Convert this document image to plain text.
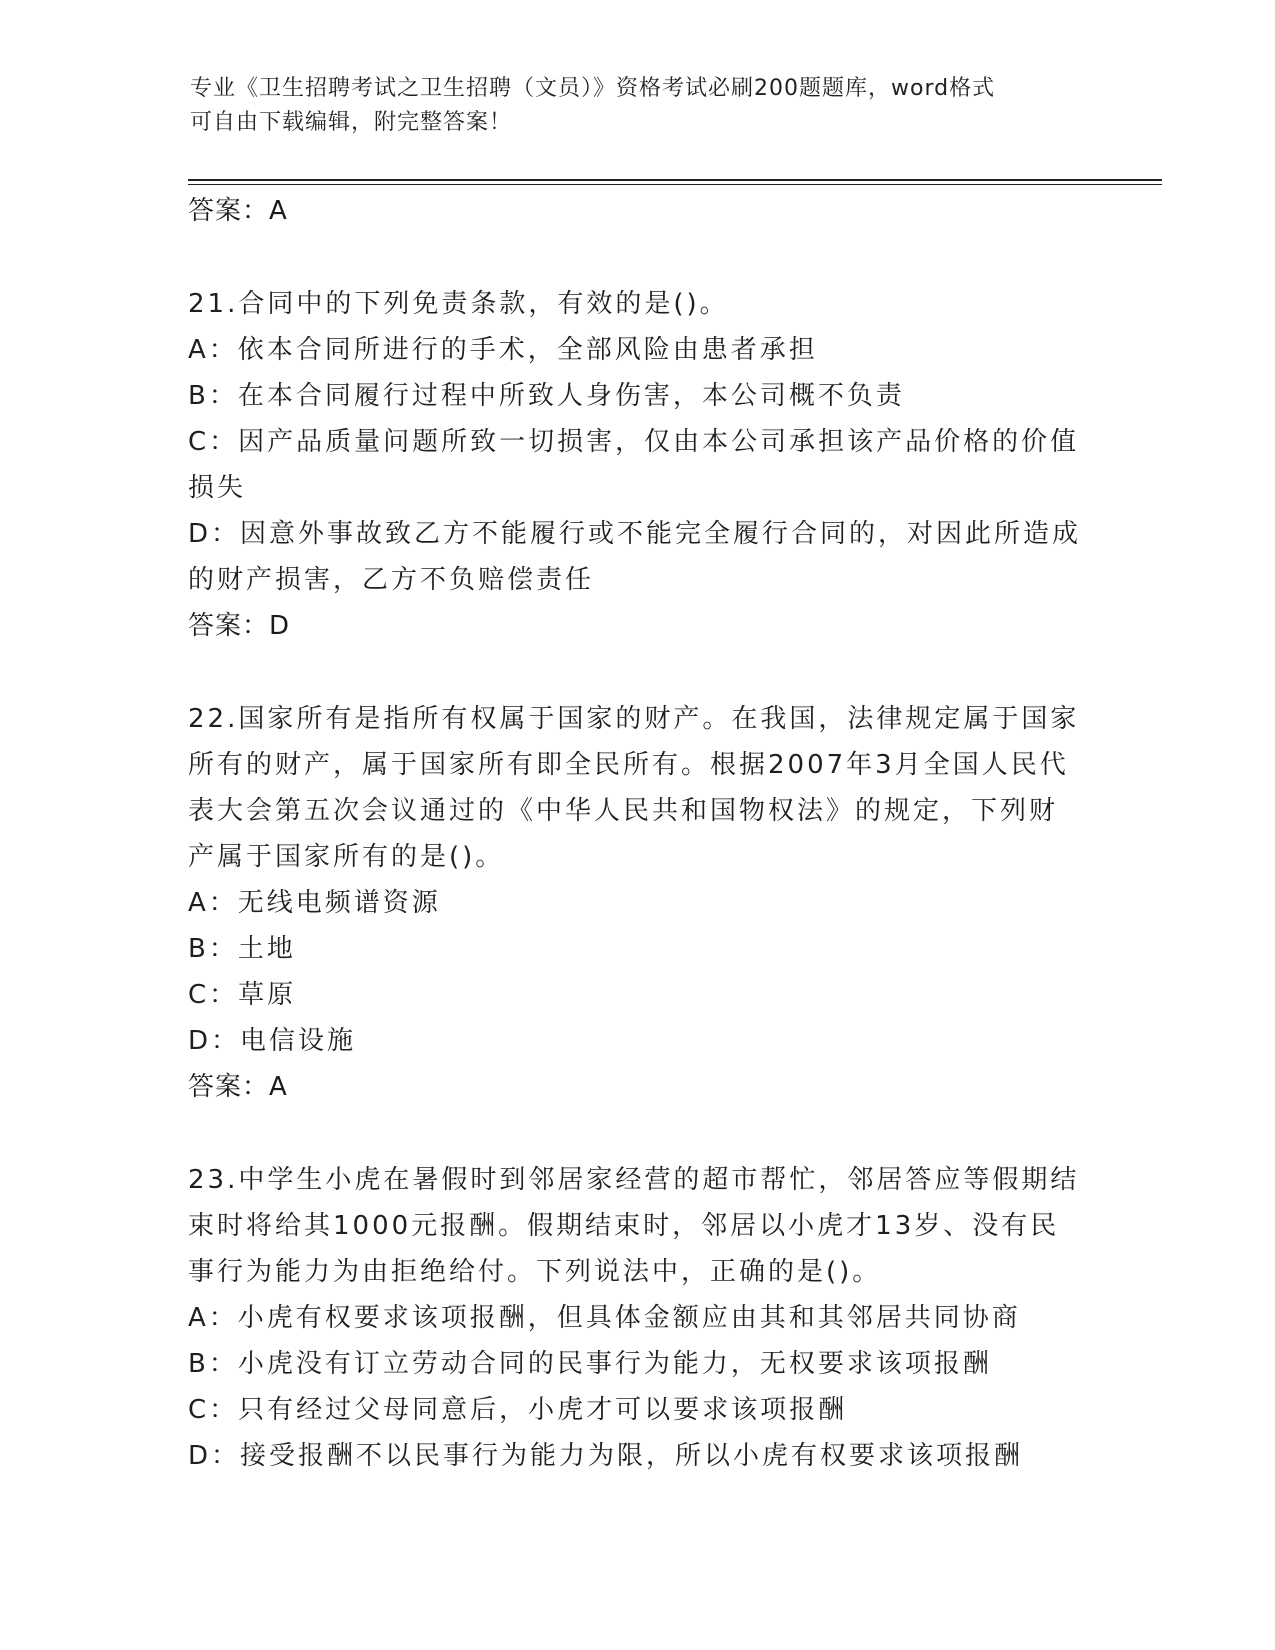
专业《卫生招聘考试之卫生招聘（文员）》资格考试必刷200题题库，word格式
可自由下载编辑，附完整答案！
答案：A
21.合同中的下列免责条款，有效的是()。
A：依本合同所进行的手术，全部风险由患者承担
B：在本合同履行过程中所致人身伤害，本公司概不负责
C：因产品质量问题所致一切损害，仅由本公司承担该产品价格的价值
损失
D：因意外事故致乙方不能履行或不能完全履行合同的，对因此所造成
的财产损害，乙方不负赔偿责任
答案：D
22.国家所有是指所有权属于国家的财产。在我国，法律规定属于国家
所有的财产，属于国家所有即全民所有。根据2007年3月全国人民代
表大会第五次会议通过的《中华人民共和国物权法》的规定，下列财
产属于国家所有的是()。
A：无线电频谱资源
B：土地
C：草原
D：电信设施
答案：A
23.中学生小虎在暑假时到邻居家经营的超市帮忙，邻居答应等假期结
束时将给其1000元报酬。假期结束时，邻居以小虎才13岁、没有民
事行为能力为由拒绝给付。下列说法中，正确的是()。
A：小虎有权要求该项报酬，但具体金额应由其和其邻居共同协商
B：小虎没有订立劳动合同的民事行为能力，无权要求该项报酬
C：只有经过父母同意后，小虎才可以要求该项报酬
D：接受报酬不以民事行为能力为限，所以小虎有权要求该项报酬
